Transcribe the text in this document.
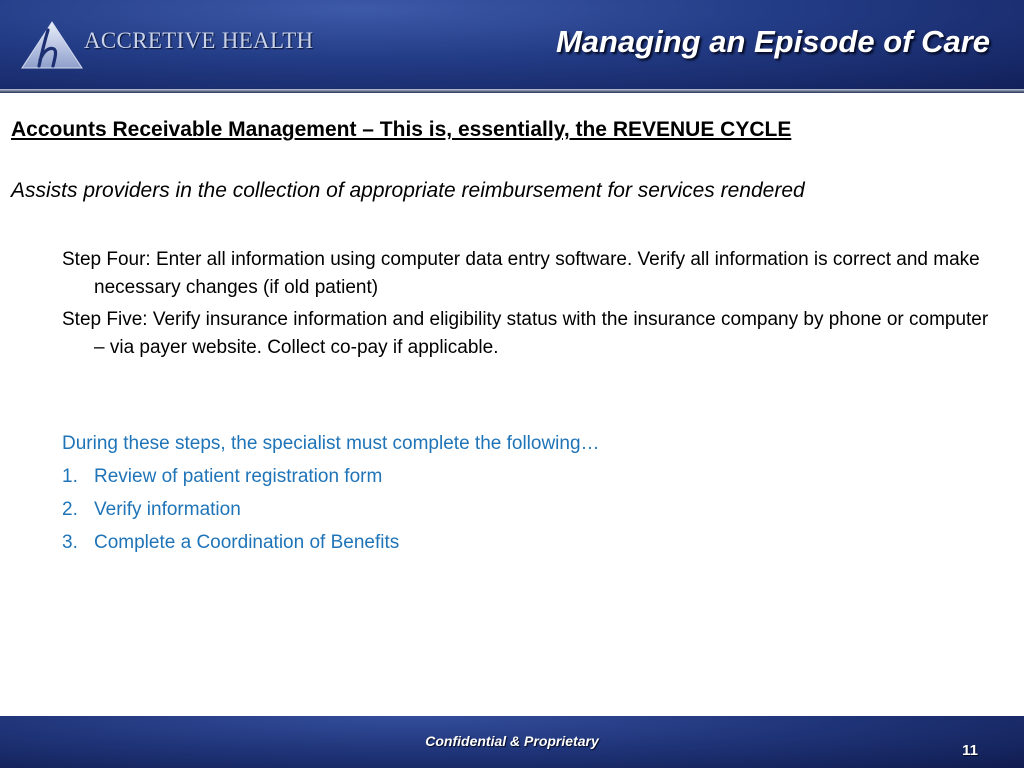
ACCRETIVE HEALTH	Managing an Episode of Care
Accounts Receivable Management – This is, essentially, the REVENUE CYCLE
Assists providers in the collection of appropriate reimbursement for services rendered
Step Four: Enter all information using computer data entry software. Verify all information is correct and make necessary changes (if old patient)
Step Five: Verify insurance information and eligibility status with the insurance company by phone or computer – via payer website. Collect co-pay if applicable.
During these steps, the specialist must complete the following…
1. Review of patient registration form
2. Verify information
3. Complete a Coordination of Benefits
Confidential & Proprietary
11
